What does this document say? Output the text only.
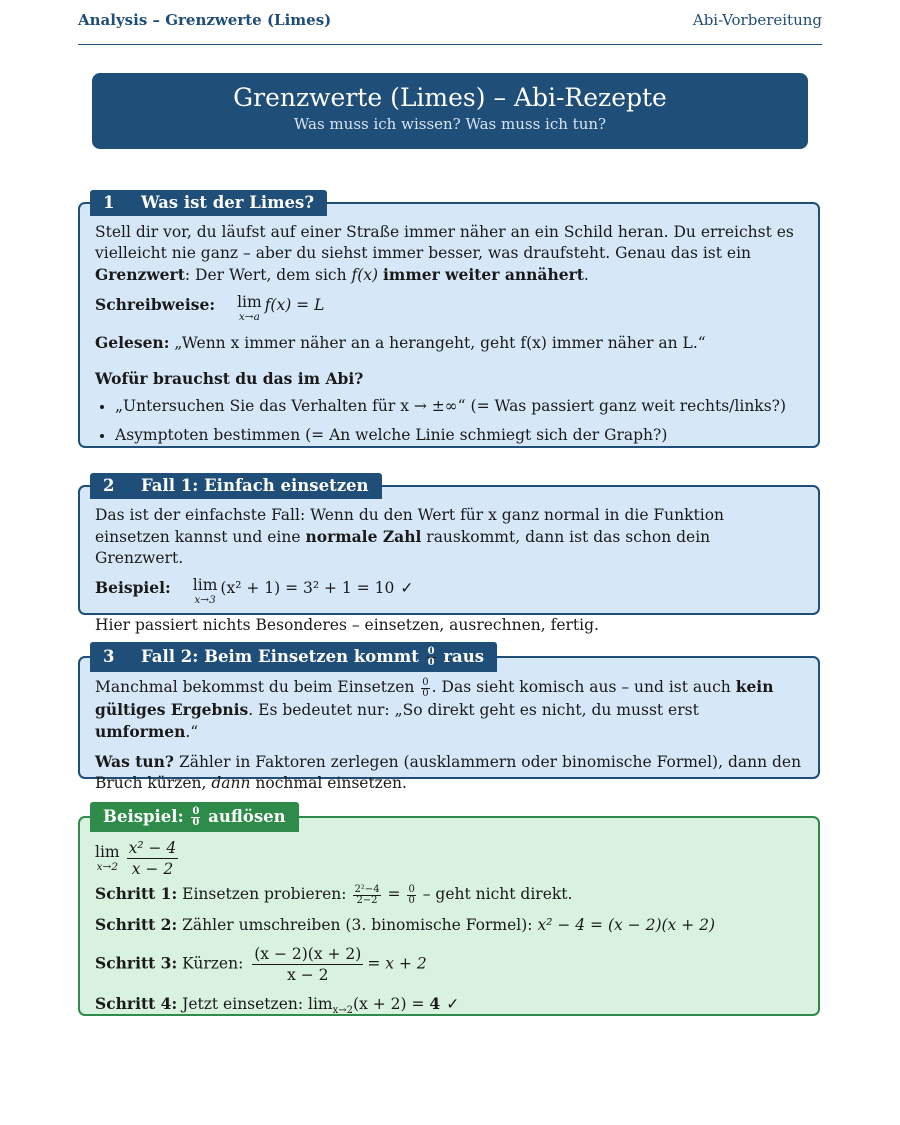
Analysis – Grenzwerte (Limes)	Abi-Vorbereitung
Grenzwerte (Limes) – Abi-Rezepte
Was muss ich wissen? Was muss ich tun?
1 Was ist der Limes?

Stell dir vor, du läufst auf einer Straße immer näher an ein Schild heran. Du erreichst es vielleicht nie ganz – aber du siehst immer besser, was draufsteht. Genau das ist ein Grenzwert: Der Wert, dem sich f(x) immer weiter annähert.

Schreibweise: lim
x→a
f(x) = L

Gelesen: „Wenn x immer näher an a herangeht, geht f(x) immer näher an L.“

Wofür brauchst du das im Abi?

• „Untersuchen Sie das Verhalten für x → ±∞“ (= Was passiert ganz weit rechts/links?)
• Asymptoten bestimmen (= An welche Linie schmiegt sich der Graph?)
2 Fall 1: Einfach einsetzen

Das ist der einfachste Fall: Wenn du den Wert für x ganz normal in die Funktion einsetzen kannst und eine normale Zahl rauskommt, dann ist das schon dein Grenzwert.

Beispiel: lim
x→3
(x² + 1) = 3² + 1 = 10 ✓

Hier passiert nichts Besonderes – einsetzen, ausrechnen, fertig.

3 Fall 2: Beim Einsetzen kommt $\frac{0}{0}$ raus

Manchmal bekommst du beim Einsetzen $\frac{0}{0}$ . Das sieht komisch aus – und ist auch kein gültiges Ergebnis. Es bedeutet nur: „So direkt geht es nicht, du musst erst umformen.“

Was tun? Zähler in Faktoren zerlegen (ausklammern oder binomische Formel), dann den Bruch kürzen, dann nochmal einsetzen.

Beispiel: $\frac{0}{0}$ auflösen

lim
$x\to 2 \frac{\text{x² − 4}}{x - 2}$

Schritt 1: Einsetzen probieren: $\frac{\text{2²−4}}{2-2} = \frac{0}{0}$ – geht nicht direkt.

Schritt 2: Zähler umschreiben (3. binomische Formel): x² − 4 = (x − 2)(x + 2)

Schritt 3: Kürzen: $\frac{(x - 2)(x + 2)}{x - 2} = x + 2$

Schritt 4: Jetzt einsetzen: $\lim_{x\to 2}(x + 2) = 4$ ✓
